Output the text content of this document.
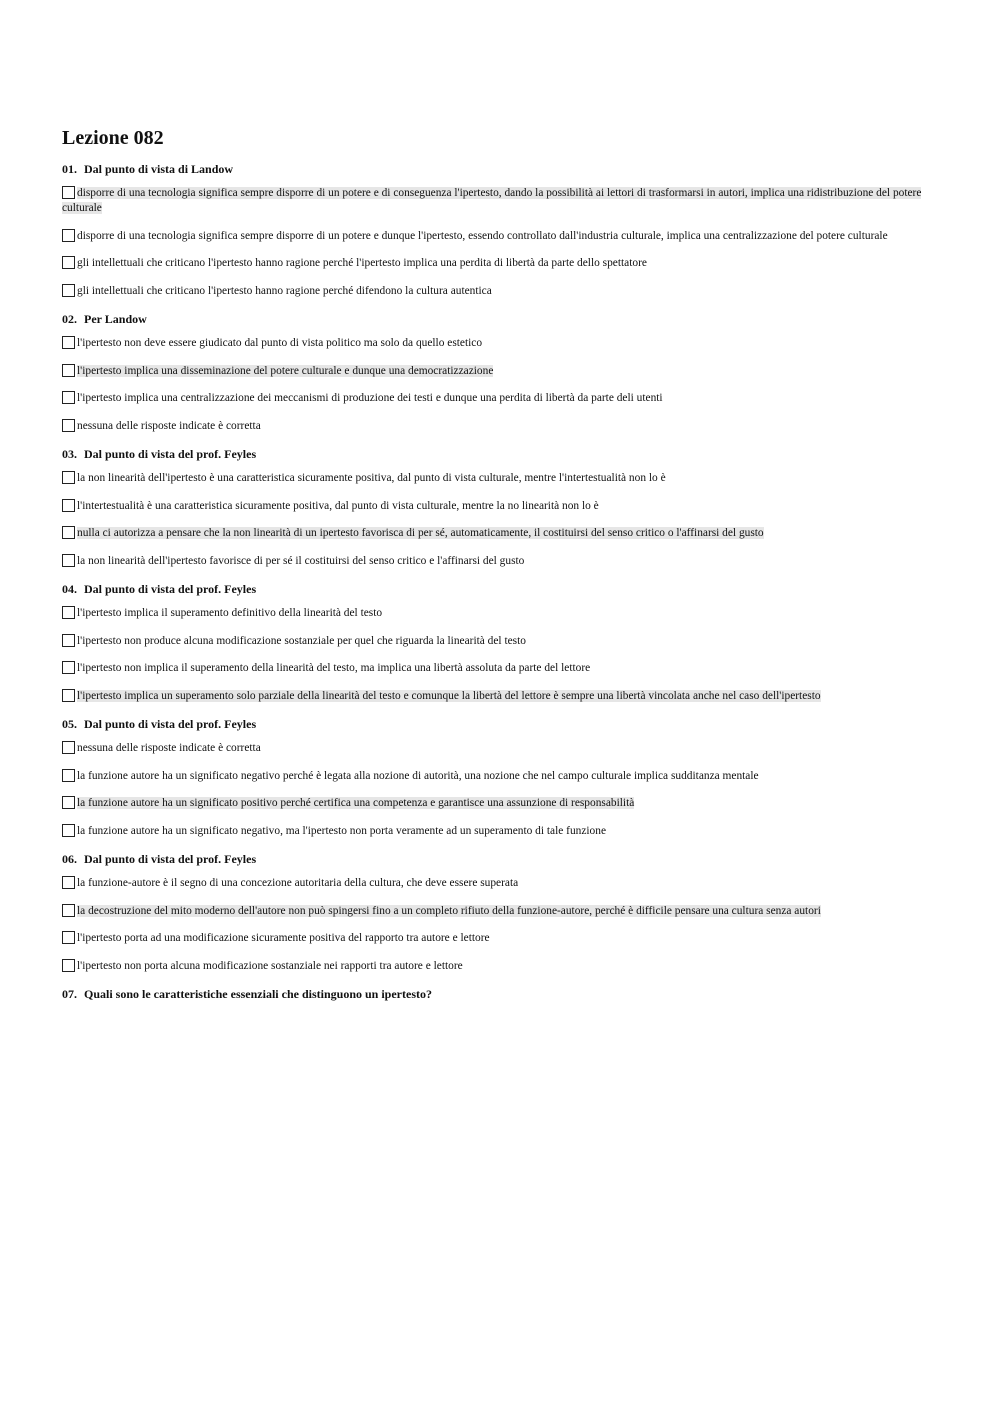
Lezione 082
01. Dal punto di vista di Landow
disporre di una tecnologia significa sempre disporre di un potere e di conseguenza l'ipertesto, dando la possibilità ai lettori di trasformarsi in autori, implica una ridistribuzione del potere culturale
disporre di una tecnologia significa sempre disporre di un potere e dunque l'ipertesto, essendo controllato dall'industria culturale, implica una centralizzazione del potere culturale
gli intellettuali che criticano l'ipertesto hanno ragione perché l'ipertesto implica una perdita di libertà da parte dello spettatore
gli intellettuali che criticano l'ipertesto hanno ragione perché difendono la cultura autentica
02. Per Landow
l'ipertesto non deve essere giudicato dal punto di vista politico ma solo da quello estetico
l'ipertesto implica una disseminazione del potere culturale e dunque una democratizzazione
l'ipertesto implica una centralizzazione dei meccanismi di produzione dei testi e dunque una perdita di libertà da parte deli utenti
nessuna delle risposte indicate è corretta
03. Dal punto di vista del prof. Feyles
la non linearità dell'ipertesto è una caratteristica sicuramente positiva, dal punto di vista culturale, mentre l'intertestualità non lo è
l'intertestualità è una caratteristica sicuramente positiva, dal punto di vista culturale, mentre la no linearità non lo è
nulla ci autorizza a pensare che la non linearità di un ipertesto favorisca di per sé, automaticamente, il costituirsi del senso critico o l'affinarsi del gusto
la non linearità dell'ipertesto favorisce di per sé il costituirsi del senso critico e l'affinarsi del gusto
04. Dal punto di vista del prof. Feyles
l'ipertesto implica il superamento definitivo della linearità del testo
l'ipertesto non produce alcuna modificazione sostanziale per quel che riguarda la linearità del testo
l'ipertesto non implica il superamento della linearità del testo, ma implica una libertà assoluta da parte del lettore
l'ipertesto implica un superamento solo parziale della linearità del testo e comunque la libertà del lettore è sempre una libertà vincolata anche nel caso dell'ipertesto
05. Dal punto di vista del prof. Feyles
nessuna delle risposte indicate è corretta
la funzione autore ha un significato negativo perché è legata alla nozione di autorità, una nozione che nel campo culturale implica sudditanza mentale
la funzione autore ha un significato positivo perché certifica una competenza e garantisce una assunzione di responsabilità
la funzione autore ha un significato negativo, ma l'ipertesto non porta veramente ad un superamento di tale funzione
06. Dal punto di vista del prof. Feyles
la funzione-autore è il segno di una concezione autoritaria della cultura, che deve essere superata
la decostruzione del mito moderno dell'autore non può spingersi fino a un completo rifiuto della funzione-autore, perché è difficile pensare una cultura senza autori
l'ipertesto porta ad una modificazione sicuramente positiva del rapporto tra autore e lettore
l'ipertesto non porta alcuna modificazione sostanziale nei rapporti tra autore e lettore
07. Quali sono le caratteristiche essenziali che distinguono un ipertesto?
